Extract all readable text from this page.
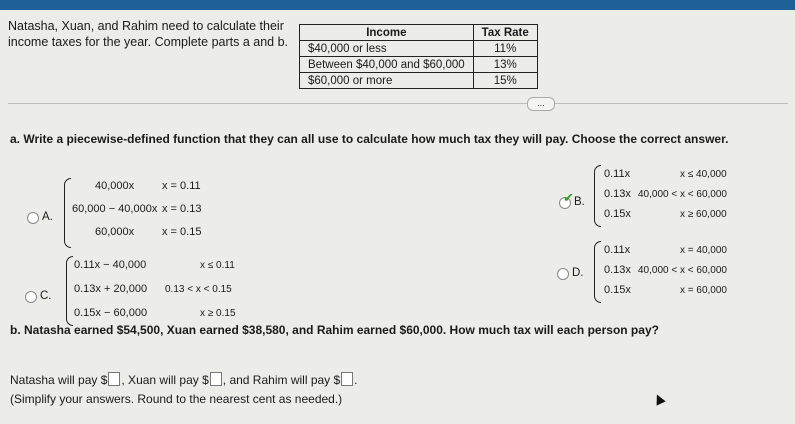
Natasha, Xuan, and Rahim need to calculate their
income taxes for the year. Complete parts a and b.
Income	Tax Rate
$40,000 or less	11%
Between $40,000 and $60,000	13%
$60,000 or more	15%
...
a. Write a piecewise-defined function that they can all use to calculate how much tax they will pay. Choose the correct answer.
A.
40,000x	x = 0.11
60,000 − 40,000x x = 0.13
60,000x	x = 0.15
✔ B.
0.11x	x ≤ 40,000
0.13x 40,000 < x < 60,000
0.15x	x ≥ 60,000
C.
0.11x − 40,000	x ≤ 0.11
0.13x + 20,000 0.13 < x < 0.15
0.15x − 60,000	x ≥ 0.15
D.
0.11x	x = 40,000
0.13x 40,000 < x < 60,000
0.15x	x = 60,000
b. Natasha earned $54,500, Xuan earned $38,580, and Rahim earned $60,000. How much tax will each person pay?
Natasha will pay $ , Xuan will pay $ , and Rahim will pay $ .
(Simplify your answers. Round to the nearest cent as needed.)
